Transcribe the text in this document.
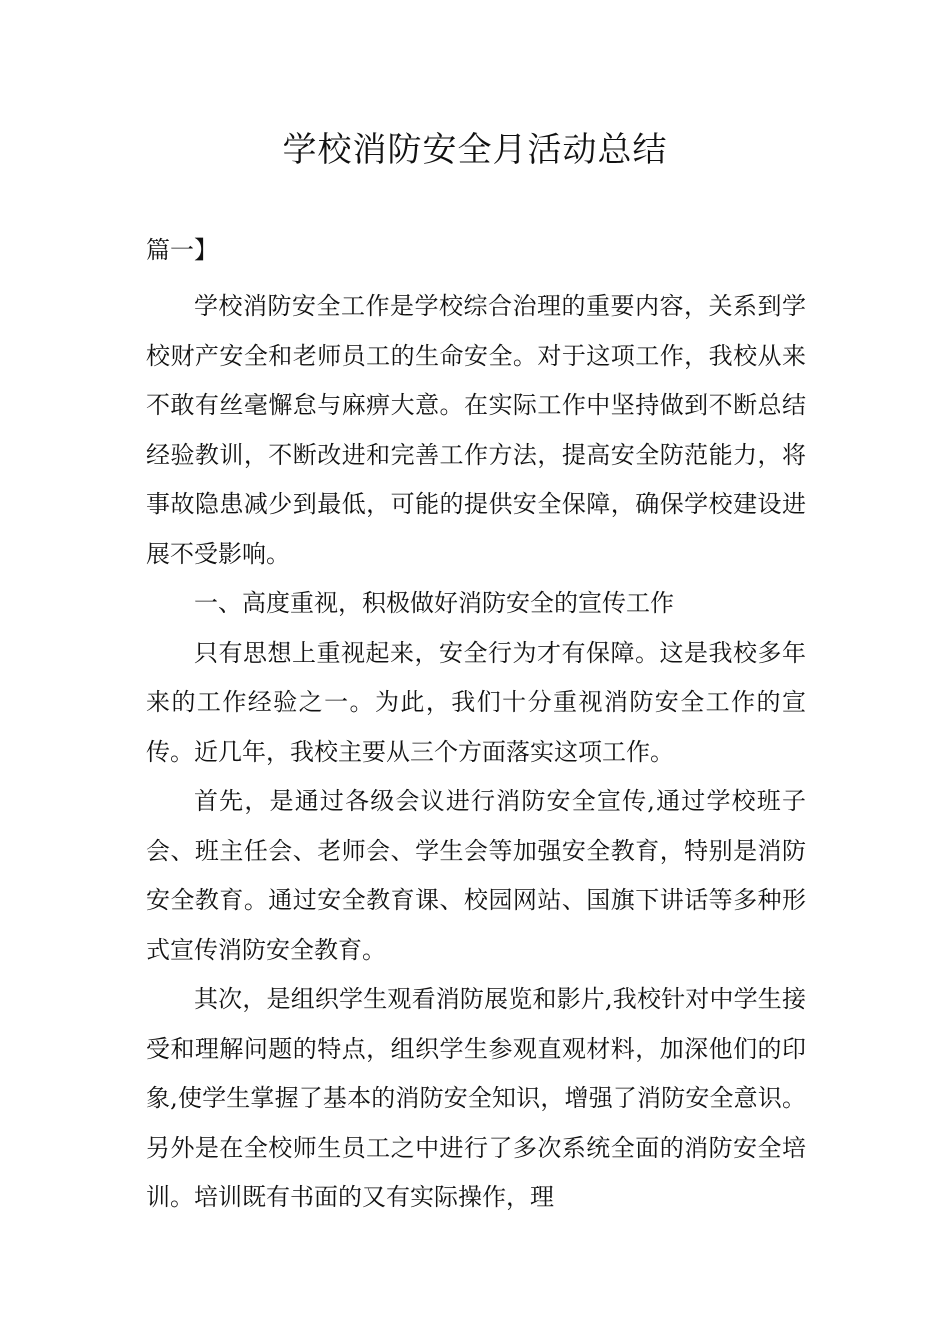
学校消防安全月活动总结
篇一】

学校消防安全工作是学校综合治理的重要内容，关系到学校财产安全和老师员工的生命安全。对于这项工作，我校从来不敢有丝毫懈怠与麻痹大意。在实际工作中坚持做到不断总结经验教训，不断改进和完善工作方法，提高安全防范能力，将事故隐患减少到最低，可能的提供安全保障，确保学校建设进展不受影响。

一、高度重视，积极做好消防安全的宣传工作

只有思想上重视起来，安全行为才有保障。这是我校多年来的工作经验之一。为此，我们十分重视消防安全工作的宣传。近几年，我校主要从三个方面落实这项工作。

首先，是通过各级会议进行消防安全宣传,通过学校班子会、班主任会、老师会、学生会等加强安全教育，特别是消防安全教育。通过安全教育课、校园网站、国旗下讲话等多种形式宣传消防安全教育。

其次，是组织学生观看消防展览和影片,我校针对中学生接受和理解问题的特点，组织学生参观直观材料，加深他们的印象,使学生掌握了基本的消防安全知识，增强了消防安全意识。另外是在全校师生员工之中进行了多次系统全面的消防安全培训。培训既有书面的又有实际操作，理
